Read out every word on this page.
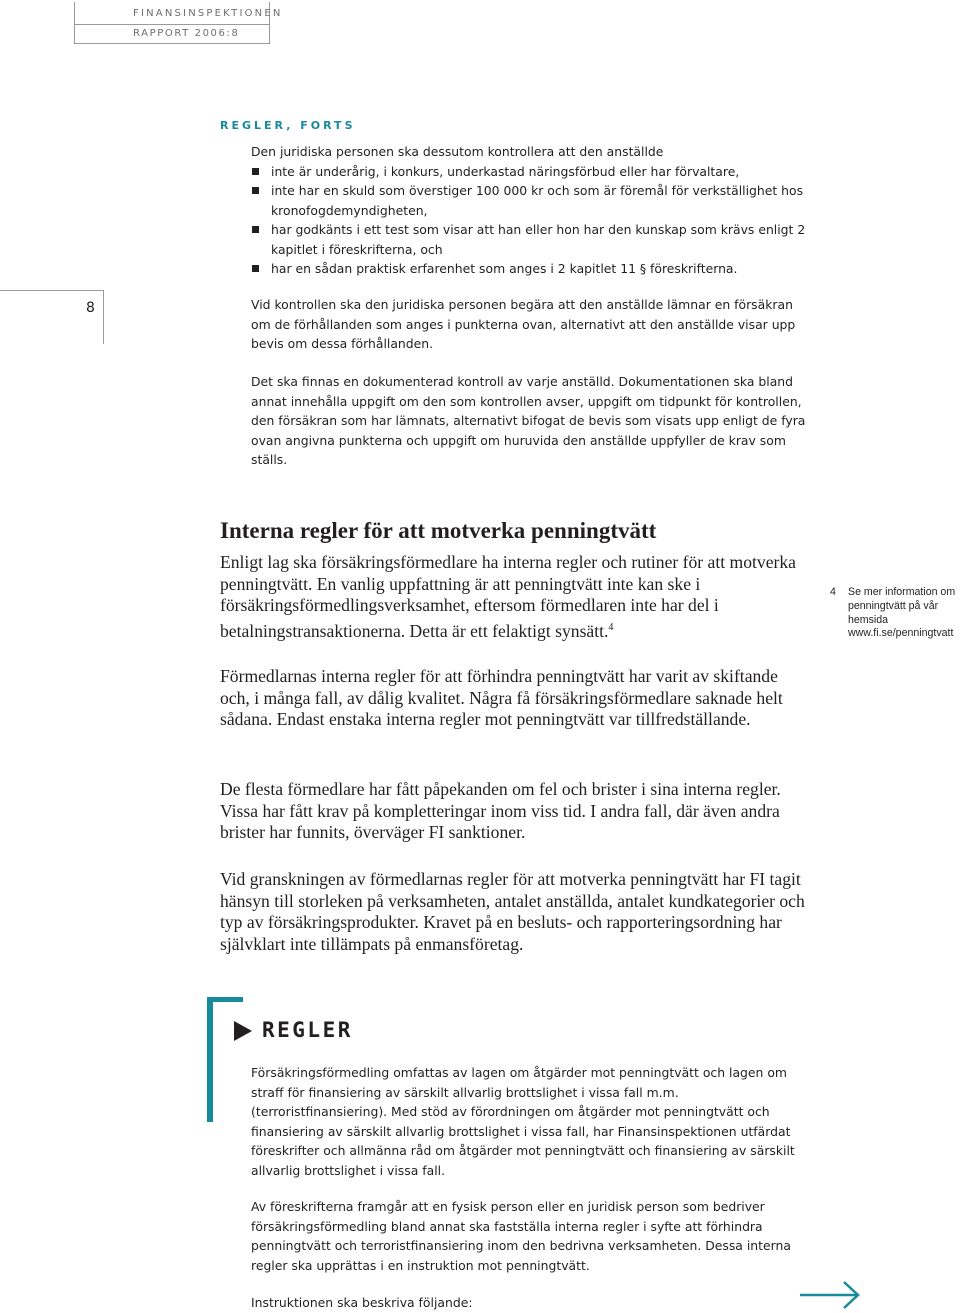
FINANSINSPEKTIONEN
RAPPORT 2006:8
8
REGLER, FORTS

Den juridiska personen ska dessutom kontrollera att den anställde

inte är underårig, i konkurs, underkastad näringsförbud eller har förvaltare,
inte har en skuld som överstiger 100 000 kr och som är föremål för verkställighet hos kronofogdemyndigheten,
har godkänts i ett test som visar att han eller hon har den kunskap som krävs enligt 2 kapitlet i föreskrifterna, och
har en sådan praktisk erfarenhet som anges i 2 kapitlet 11 § föreskrifterna.

Vid kontrollen ska den juridiska personen begära att den anställde lämnar en försäkran om de förhållanden som anges i punkterna ovan, alternativt att den anställde visar upp bevis om dessa förhållanden.

Det ska finnas en dokumenterad kontroll av varje anställd. Dokumentationen ska bland annat innehålla uppgift om den som kontrollen avser, uppgift om tidpunkt för kontrollen, den försäkran som har lämnats, alternativt bifogat de bevis som visats upp enligt de fyra ovan angivna punkterna och uppgift om huruvida den anställde uppfyller de krav som ställs.

Interna regler för att motverka penningtvätt

Enligt lag ska försäkringsförmedlare ha interna regler och rutiner för att motverka penningtvätt. En vanlig uppfattning är att penningtvätt inte kan ske i försäkringsförmedlingsverksamhet, eftersom förmedlaren inte har del i betalningstransaktionerna. Detta är ett felaktigt synsätt.$^4$

Förmedlarnas interna regler för att förhindra penningtvätt har varit av skiftande och, i många fall, av dålig kvalitet. Några få försäkringsförmedlare saknade helt sådana. Endast enstaka interna regler mot penningtvätt var tillfredställande.

De flesta förmedlare har fått påpekanden om fel och brister i sina interna regler. Vissa har fått krav på kompletteringar inom viss tid. I andra fall, där även andra brister har funnits, överväger FI sanktioner.

Vid granskningen av förmedlarnas regler för att motverka penningtvätt har FI tagit hänsyn till storleken på verksamheten, antalet anställda, antalet kundkategorier och typ av försäkringsprodukter. Kravet på en besluts- och rapporteringsordning har självklart inte tillämpats på enmansföretag.

4 Se mer information om penningtvätt på vår hemsida www.fi.se/penningtvatt
REGLER

Försäkringsförmedling omfattas av lagen om åtgärder mot penningtvätt och lagen om straff för finansiering av särskilt allvarlig brottslighet i vissa fall m.m. (terroristfinansiering). Med stöd av förordningen om åtgärder mot penningtvätt och finansiering av särskilt allvarlig brottslighet i vissa fall, har Finansinspektionen utfärdat föreskrifter och allmänna råd om åtgärder mot penningtvätt och finansiering av särskilt allvarlig brottslighet i vissa fall.

Av föreskrifterna framgår att en fysisk person eller en juridisk person som bedriver försäkringsförmedling bland annat ska fastställa interna regler i syfte att förhindra penningtvätt och terroristfinansiering inom den bedrivna verksamheten. Dessa interna regler ska upprättas i en instruktion mot penningtvätt.

Instruktionen ska beskriva följande:
